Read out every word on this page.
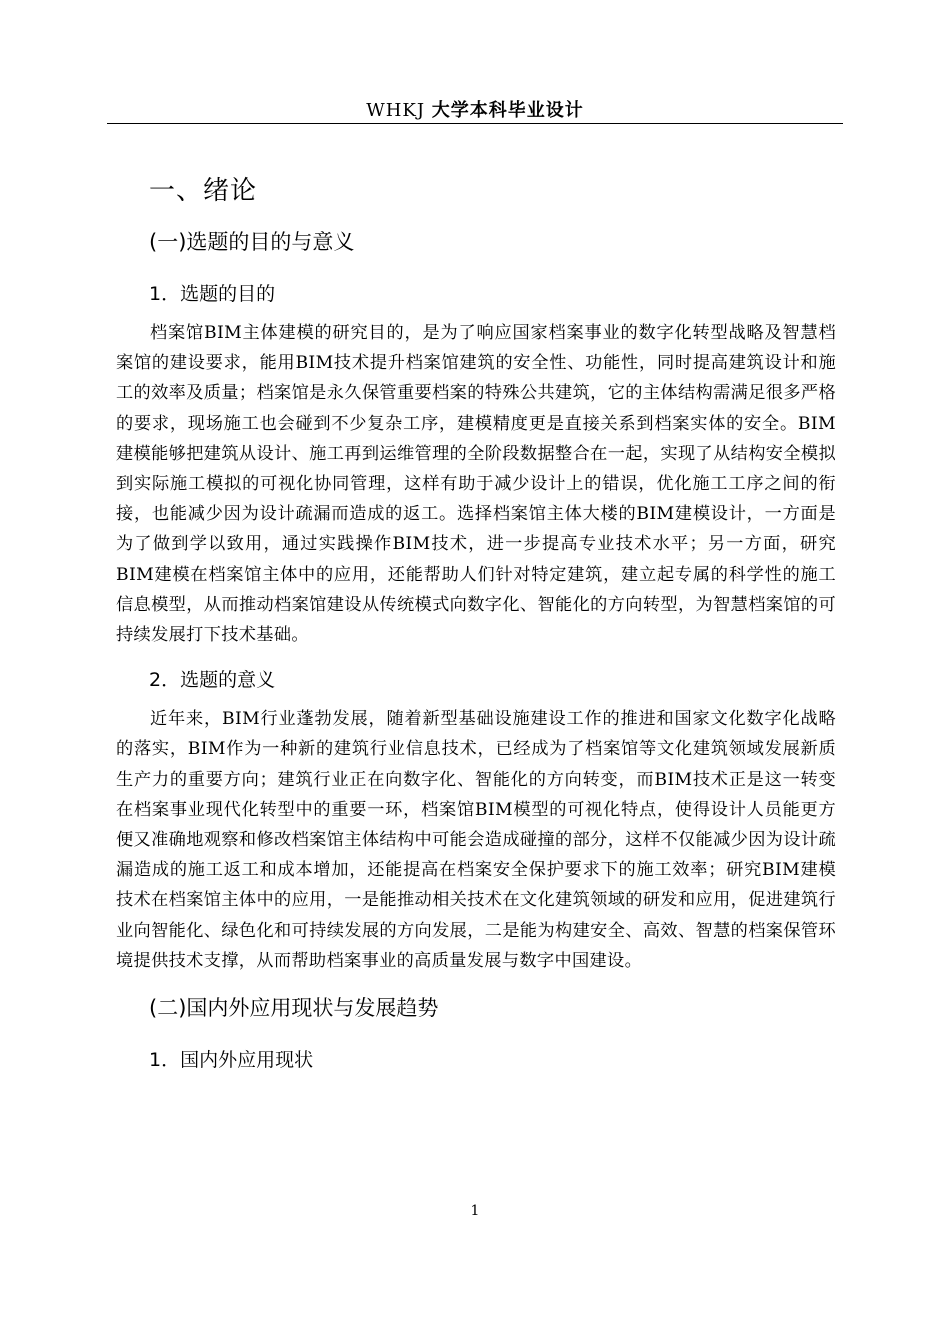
WHKJ 大学本科毕业设计
一、绪论
(一)选题的目的与意义
1．选题的目的

档案馆BIM主体建模的研究目的，是为了响应国家档案事业的数字化转型战略及智慧档案馆的建设要求，能用BIM技术提升档案馆建筑的安全性、功能性，同时提高建筑设计和施工的效率及质量；档案馆是永久保管重要档案的特殊公共建筑，它的主体结构需满足很多严格的要求，现场施工也会碰到不少复杂工序，建模精度更是直接关系到档案实体的安全。BIM建模能够把建筑从设计、施工再到运维管理的全阶段数据整合在一起，实现了从结构安全模拟到实际施工模拟的可视化协同管理，这样有助于减少设计上的错误，优化施工工序之间的衔接，也能减少因为设计疏漏而造成的返工。选择档案馆主体大楼的BIM建模设计，一方面是为了做到学以致用，通过实践操作BIM技术，进一步提高专业技术水平；另一方面，研究BIM建模在档案馆主体中的应用，还能帮助人们针对特定建筑，建立起专属的科学性的施工信息模型，从而推动档案馆建设从传统模式向数字化、智能化的方向转型，为智慧档案馆的可持续发展打下技术基础。

2．选题的意义

近年来，BIM行业蓬勃发展，随着新型基础设施建设工作的推进和国家文化数字化战略的落实，BIM作为一种新的建筑行业信息技术，已经成为了档案馆等文化建筑领域发展新质生产力的重要方向；建筑行业正在向数字化、智能化的方向转变，而BIM技术正是这一转变在档案事业现代化转型中的重要一环，档案馆BIM模型的可视化特点，使得设计人员能更方便又准确地观察和修改档案馆主体结构中可能会造成碰撞的部分，这样不仅能减少因为设计疏漏造成的施工返工和成本增加，还能提高在档案安全保护要求下的施工效率；研究BIM建模技术在档案馆主体中的应用，一是能推动相关技术在文化建筑领域的研发和应用，促进建筑行业向智能化、绿色化和可持续发展的方向发展，二是能为构建安全、高效、智慧的档案保管环境提供技术支撑，从而帮助档案事业的高质量发展与数字中国建设。

(二)国内外应用现状与发展趋势
1．国内外应用现状
1
